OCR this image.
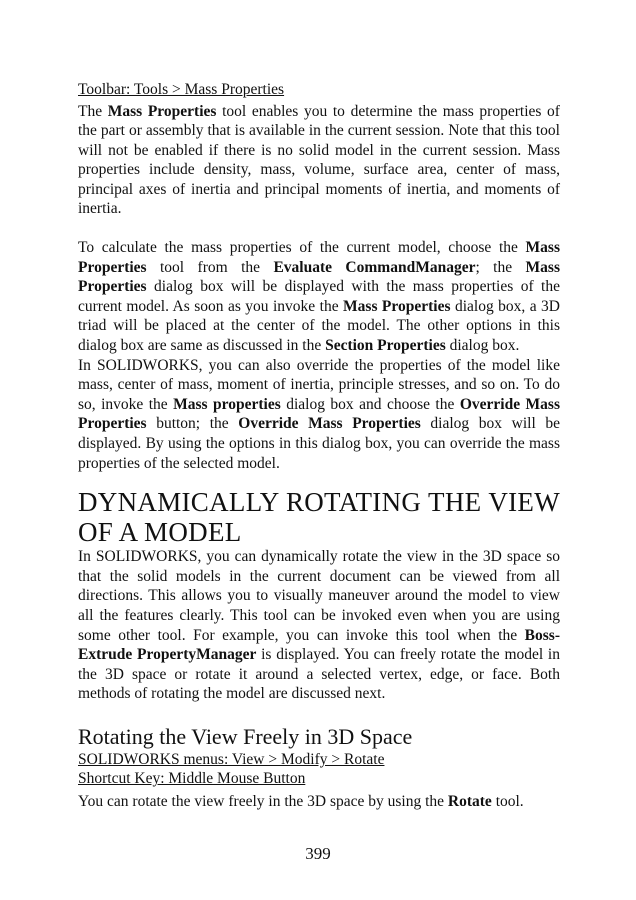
Toolbar: Tools > Mass Properties

The Mass Properties tool enables you to determine the mass properties of the part or assembly that is available in the current session. Note that this tool will not be enabled if there is no solid model in the current session. Mass properties include density, mass, volume, surface area, center of mass, principal axes of inertia and principal moments of inertia, and moments of inertia.

To calculate the mass properties of the current model, choose the Mass Properties tool from the Evaluate CommandManager; the Mass Properties dialog box will be displayed with the mass properties of the current model. As soon as you invoke the Mass Properties dialog box, a 3D triad will be placed at the center of the model. The other options in this dialog box are same as discussed in the Section Properties dialog box.

In SOLIDWORKS, you can also override the properties of the model like mass, center of mass, moment of inertia, principle stresses, and so on. To do so, invoke the Mass properties dialog box and choose the Override Mass Properties button; the Override Mass Properties dialog box will be displayed. By using the options in this dialog box, you can override the mass properties of the selected model.

DYNAMICALLY ROTATING THE VIEW OF A MODEL

In SOLIDWORKS, you can dynamically rotate the view in the 3D space so that the solid models in the current document can be viewed from all directions. This allows you to visually maneuver around the model to view all the features clearly. This tool can be invoked even when you are using some other tool. For example, you can invoke this tool when the Boss-Extrude PropertyManager is displayed. You can freely rotate the model in the 3D space or rotate it around a selected vertex, edge, or face. Both methods of rotating the model are discussed next.

Rotating the View Freely in 3D Space
SOLIDWORKS menus: View > Modify > Rotate
Shortcut Key: Middle Mouse Button

You can rotate the view freely in the 3D space by using the Rotate tool.

399
